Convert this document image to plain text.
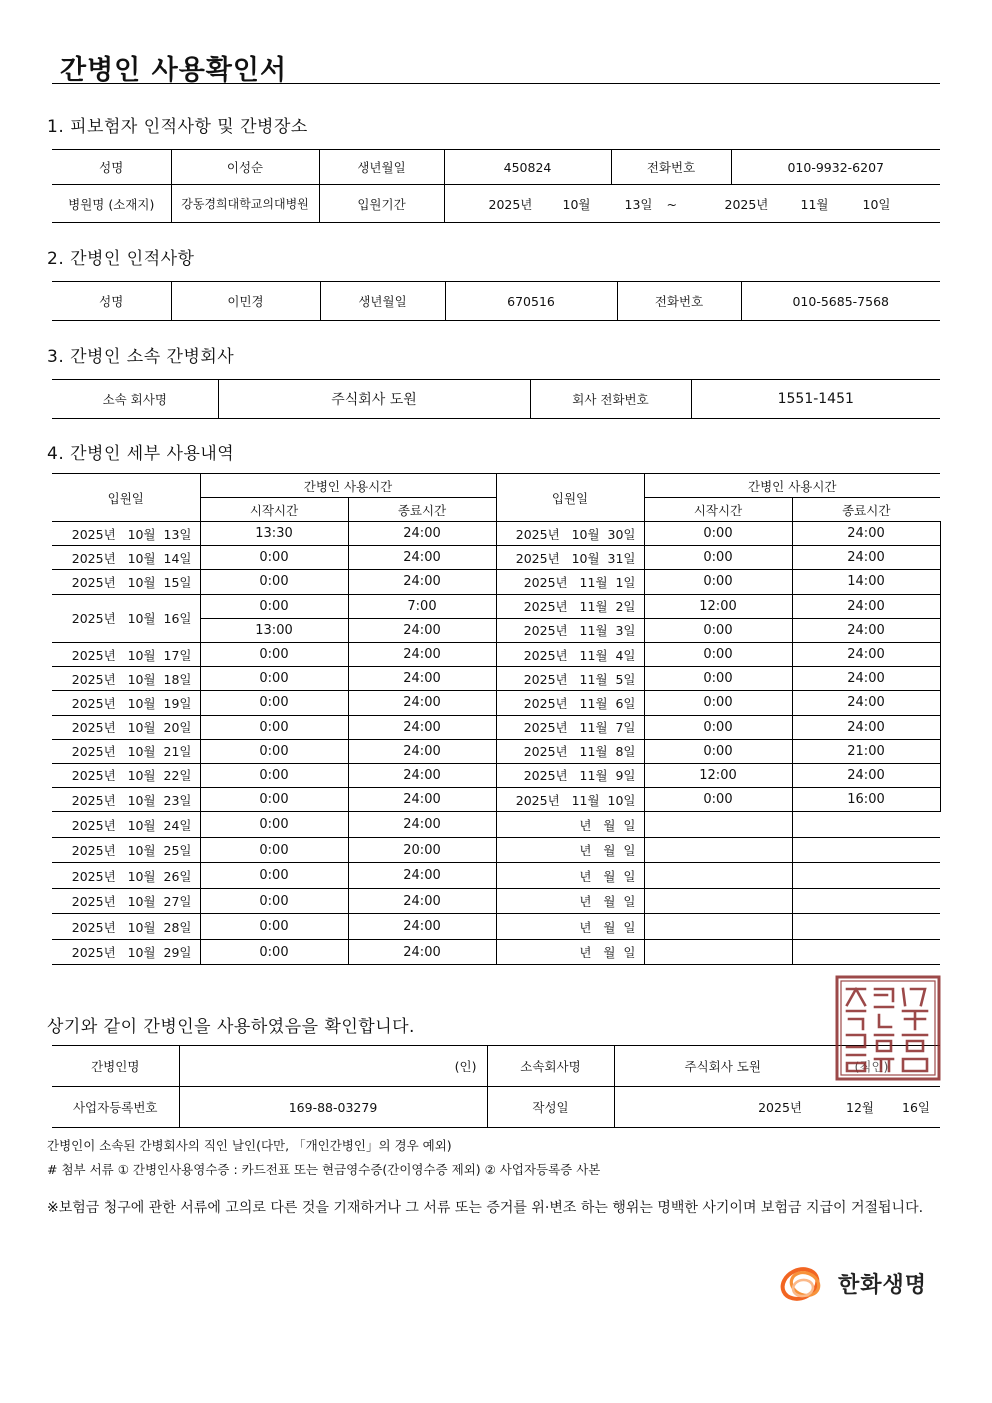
간병인 사용확인서
1. 피보험자 인적사항 및 간병장소
성명	이성순	생년월일	450824	전화번호	010-9932-6207
병원명 (소재지)	강동경희대학교의대병원	입원기간	2025년 10월 13일 ~ 2025년 11월 10일		
2. 간병인 인적사항
성명	이민경	생년월일	670516	전화번호	010-5685-7568
3. 간병인 소속 간병회사
소속 회사명	주식회사 도원	회사 전화번호	1551-1451
4. 간병인 세부 사용내역
입원일	간병인 사용시간		입원일	간병인 사용시간	
	시작시간	종료시간		시작시간	종료시간
2025년   10월  13일	13:30	24:00	2025년   10월  30일	0:00	24:00
2025년   10월  14일	0:00	24:00	2025년   10월  31일	0:00	24:00
2025년   10월  15일	0:00	24:00	2025년   11월  1일	0:00	14:00
2025년   10월  16일	0:00	7:00	2025년   11월  2일	12:00	24:00
	13:00	24:00	2025년   11월  3일	0:00	24:00
2025년   10월  17일	0:00	24:00	2025년   11월  4일	0:00	24:00
2025년   10월  18일	0:00	24:00	2025년   11월  5일	0:00	24:00
2025년   10월  19일	0:00	24:00	2025년   11월  6일	0:00	24:00
2025년   10월  20일	0:00	24:00	2025년   11월  7일	0:00	24:00
2025년   10월  21일	0:00	24:00	2025년   11월  8일	0:00	21:00
2025년   10월  22일	0:00	24:00	2025년   11월  9일	12:00	24:00
2025년   10월  23일	0:00	24:00	2025년   11월  10일	0:00	16:00
2025년   10월  24일	0:00	24:00	년   월  일		
2025년   10월  25일	0:00	20:00	년   월  일		
2025년   10월  26일	0:00	24:00	년   월  일		
2025년   10월  27일	0:00	24:00	년   월  일		
2025년   10월  28일	0:00	24:00	년   월  일		
2025년   10월  29일	0:00	24:00	년   월  일		
상기와 같이 간병인을 사용하였음을 확인합니다.
간병인명	(인)	소속회사명	주식회사 도원 (직인)
사업자등록번호	169-88-03279	작성일	2025년 12월 16일
간병인이 소속된 간병회사의 직인 날인(다만, 「개인간병인」의 경우 예외)
# 첨부 서류 ① 간병인사용영수증 : 카드전표 또는 현금영수증(간이영수증 제외) ② 사업자등록증 사본
※보험금 청구에 관한 서류에 고의로 다른 것을 기재하거나 그 서류 또는 증거를 위·변조 하는 행위는 명백한 사기이며 보험금 지급이 거절됩니다.
한화생명
